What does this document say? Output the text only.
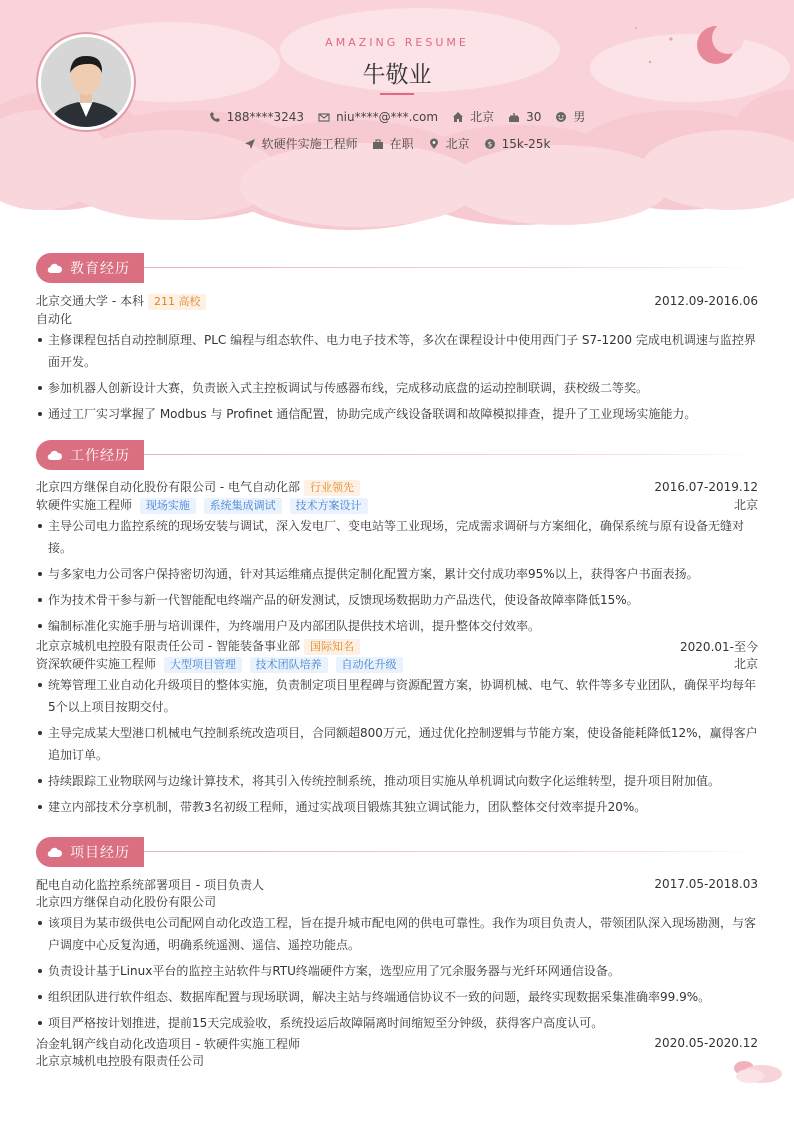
AMAZING RESUME
牛敬业
188****3243	niu****@***.com	北京	30	男
软硬件实施工程师	在职	北京	$ 15k-25k
教育经历
北京交通大学 - 本科 211 高校	2012.09-2016.06
自动化
主修课程包括自动控制原理、PLC 编程与组态软件、电力电子技术等，多次在课程设计中使用西门子 S7-1200 完成电机调速与监控界面开发。
参加机器人创新设计大赛，负责嵌入式主控板调试与传感器布线，完成移动底盘的运动控制联调，获校级二等奖。
通过工厂实习掌握了 Modbus 与 Profinet 通信配置，协助完成产线设备联调和故障模拟排查，提升了工业现场实施能力。
工作经历
北京四方继保自动化股份有限公司 - 电气自动化部 行业领先	2016.07-2019.12
软硬件实施工程师 现场实施 系统集成调试 技术方案设计	北京
主导公司电力监控系统的现场安装与调试，深入发电厂、变电站等工业现场，完成需求调研与方案细化，确保系统与原有设备无缝对接。
与多家电力公司客户保持密切沟通，针对其运维痛点提供定制化配置方案，累计交付成功率95%以上，获得客户书面表扬。
作为技术骨干参与新一代智能配电终端产品的研发测试，反馈现场数据助力产品迭代，使设备故障率降低15%。
编制标准化实施手册与培训课件，为终端用户及内部团队提供技术培训，提升整体交付效率。
北京京城机电控股有限责任公司 - 智能装备事业部 国际知名	2020.01-至今
资深软硬件实施工程师 大型项目管理 技术团队培养 自动化升级	北京
统筹管理工业自动化升级项目的整体实施，负责制定项目里程碑与资源配置方案，协调机械、电气、软件等多专业团队，确保平均每年5个以上项目按期交付。
主导完成某大型港口机械电气控制系统改造项目，合同额超800万元，通过优化控制逻辑与节能方案，使设备能耗降低12%，赢得客户追加订单。
持续跟踪工业物联网与边缘计算技术，将其引入传统控制系统，推动项目实施从单机调试向数字化运维转型，提升项目附加值。
建立内部技术分享机制，带教3名初级工程师，通过实战项目锻炼其独立调试能力，团队整体交付效率提升20%。
项目经历
配电自动化监控系统部署项目 - 项目负责人	2017.05-2018.03
北京四方继保自动化股份有限公司
该项目为某市级供电公司配网自动化改造工程，旨在提升城市配电网的供电可靠性。我作为项目负责人，带领团队深入现场勘测，与客户调度中心反复沟通，明确系统遥测、遥信、遥控功能点。
负责设计基于Linux平台的监控主站软件与RTU终端硬件方案，选型应用了冗余服务器与光纤环网通信设备。
组织团队进行软件组态、数据库配置与现场联调，解决主站与终端通信协议不一致的问题，最终实现数据采集准确率99.9%。
项目严格按计划推进，提前15天完成验收，系统投运后故障隔离时间缩短至分钟级，获得客户高度认可。
冶金轧钢产线自动化改造项目 - 软硬件实施工程师	2020.05-2020.12
北京京城机电控股有限责任公司
